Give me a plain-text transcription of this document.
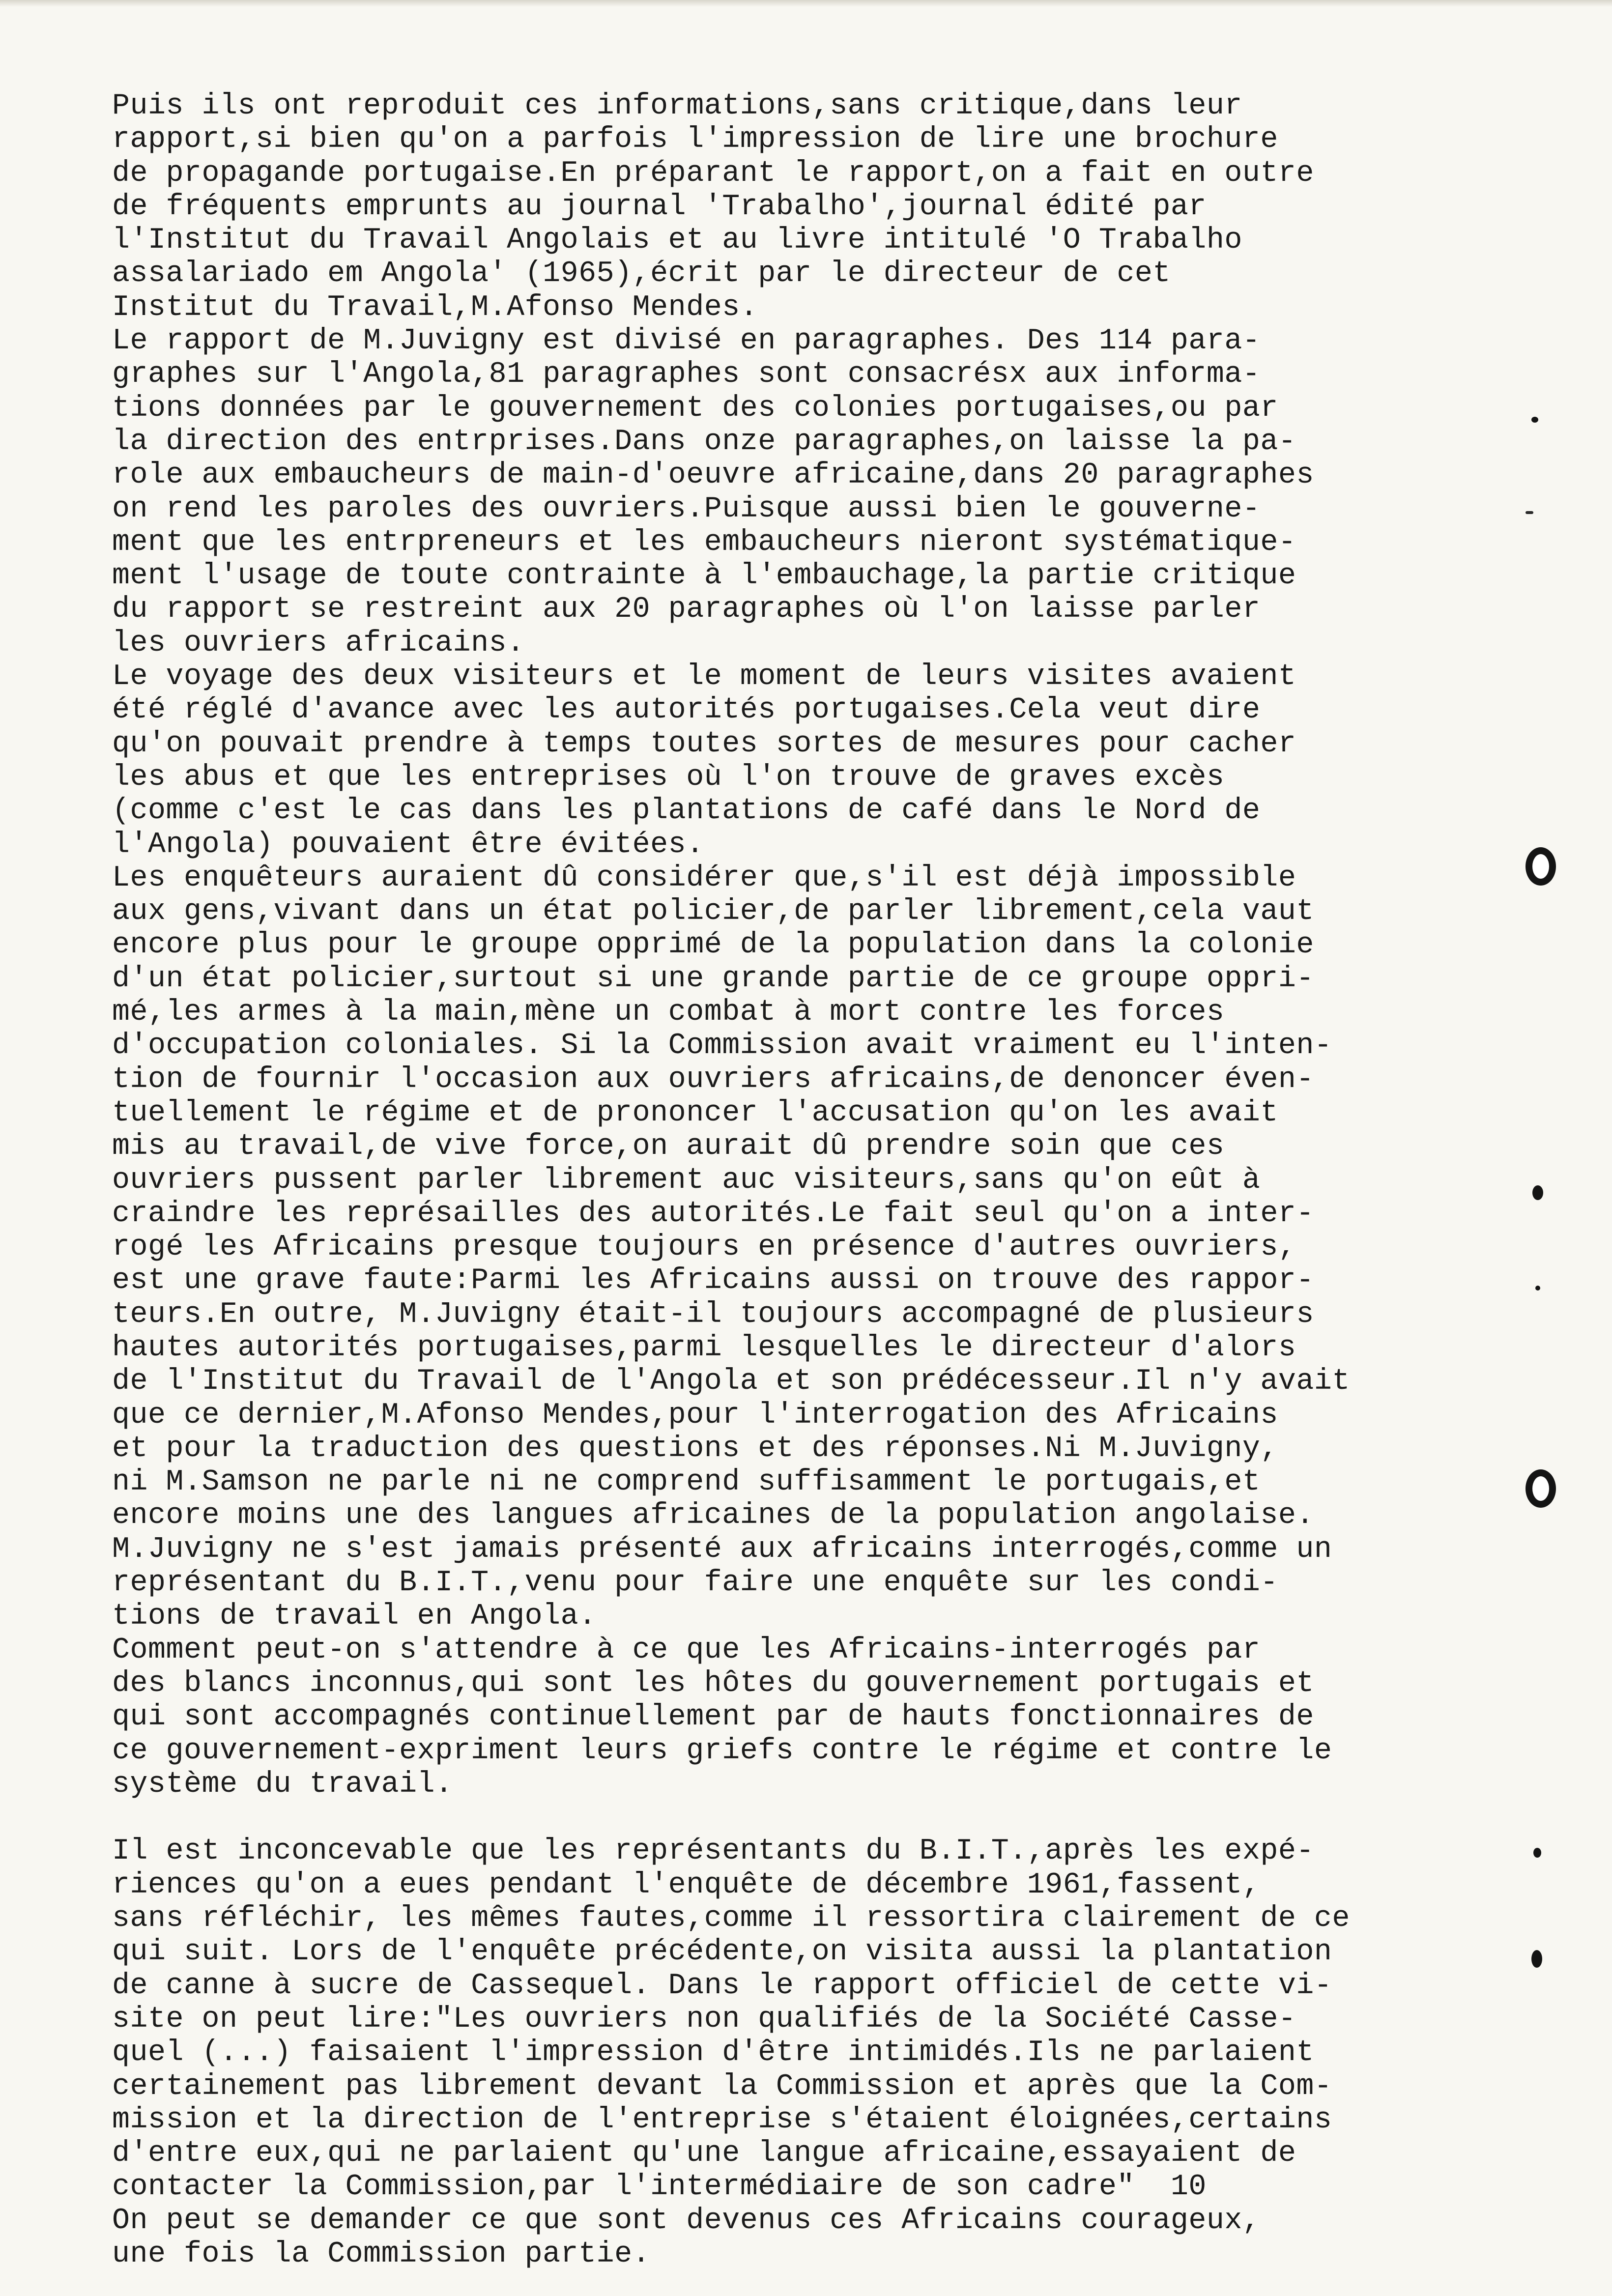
Puis ils ont reproduit ces informations,sans critique,dans leur
rapport,si bien qu'on a parfois l'impression de lire une brochure
de propagande portugaise.En préparant le rapport,on a fait en outre
de fréquents emprunts au journal 'Trabalho',journal édité par
l'Institut du Travail Angolais et au livre intitulé 'O Trabalho
assalariado em Angola' (1965),écrit par le directeur de cet
Institut du Travail,M.Afonso Mendes.
Le rapport de M.Juvigny est divisé en paragraphes. Des 114 para-
graphes sur l'Angola,81 paragraphes sont consacrésx aux informa-
tions données par le gouvernement des colonies portugaises,ou par
la direction des entrprises.Dans onze paragraphes,on laisse la pa-
role aux embaucheurs de main-d'oeuvre africaine,dans 20 paragraphes
on rend les paroles des ouvriers.Puisque aussi bien le gouverne-
ment que les entrpreneurs et les embaucheurs nieront systématique-
ment l'usage de toute contrainte à l'embauchage,la partie critique
du rapport se restreint aux 20 paragraphes où l'on laisse parler
les ouvriers africains.
Le voyage des deux visiteurs et le moment de leurs visites avaient
été réglé d'avance avec les autorités portugaises.Cela veut dire
qu'on pouvait prendre à temps toutes sortes de mesures pour cacher
les abus et que les entreprises où l'on trouve de graves excès
(comme c'est le cas dans les plantations de café dans le Nord de
l'Angola) pouvaient être évitées.
Les enquêteurs auraient dû considérer que,s'il est déjà impossible
aux gens,vivant dans un état policier,de parler librement,cela vaut
encore plus pour le groupe opprimé de la population dans la colonie
d'un état policier,surtout si une grande partie de ce groupe oppri-
mé,les armes à la main,mène un combat à mort contre les forces
d'occupation coloniales. Si la Commission avait vraiment eu l'inten-
tion de fournir l'occasion aux ouvriers africains,de denoncer éven-
tuellement le régime et de prononcer l'accusation qu'on les avait
mis au travail,de vive force,on aurait dû prendre soin que ces
ouvriers pussent parler librement auc visiteurs,sans qu'on eût à
craindre les représailles des autorités.Le fait seul qu'on a inter-
rogé les Africains presque toujours en présence d'autres ouvriers,
est une grave faute:Parmi les Africains aussi on trouve des rappor-
teurs.En outre, M.Juvigny était-il toujours accompagné de plusieurs
hautes autorités portugaises,parmi lesquelles le directeur d'alors
de l'Institut du Travail de l'Angola et son prédécesseur.Il n'y avait
que ce dernier,M.Afonso Mendes,pour l'interrogation des Africains
et pour la traduction des questions et des réponses.Ni M.Juvigny,
ni M.Samson ne parle ni ne comprend suffisamment le portugais,et
encore moins une des langues africaines de la population angolaise.
M.Juvigny ne s'est jamais présenté aux africains interrogés,comme un
représentant du B.I.T.,venu pour faire une enquête sur les condi-
tions de travail en Angola.
Comment peut-on s'attendre à ce que les Africains-interrogés par
des blancs inconnus,qui sont les hôtes du gouvernement portugais et
qui sont accompagnés continuellement par de hauts fonctionnaires de
ce gouvernement-expriment leurs griefs contre le régime et contre le
système du travail.
Il est inconcevable que les représentants du B.I.T.,après les expé-
riences qu'on a eues pendant l'enquête de décembre 1961,fassent,
sans réfléchir, les mêmes fautes,comme il ressortira clairement de ce
qui suit. Lors de l'enquête précédente,on visita aussi la plantation
de canne à sucre de Cassequel. Dans le rapport officiel de cette vi-
site on peut lire:"Les ouvriers non qualifiés de la Société Casse-
quel (...) faisaient l'impression d'être intimidés.Ils ne parlaient
certainement pas librement devant la Commission et après que la Com-
mission et la direction de l'entreprise s'étaient éloignées,certains
d'entre eux,qui ne parlaient qu'une langue africaine,essayaient de
contacter la Commission,par l'intermédiaire de son cadre"  10
On peut se demander ce que sont devenus ces Africains courageux,
une fois la Commission partie.
